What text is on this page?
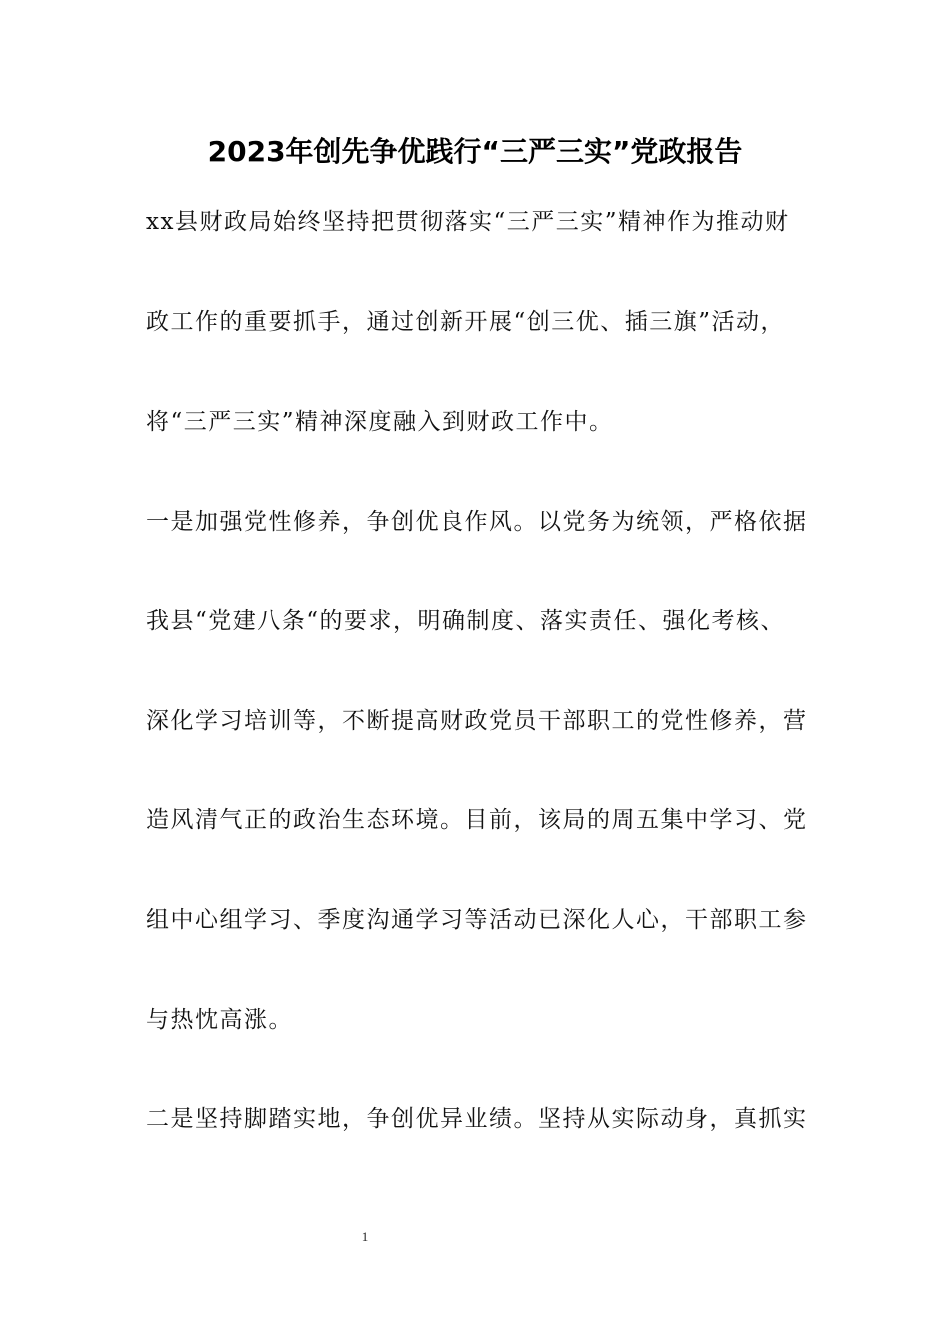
2023年创先争优践行“三严三实”党政报告
xx县财政局始终坚持把贯彻落实“三严三实”精神作为推动财
政工作的重要抓手，通过创新开展“创三优、插三旗”活动，
将“三严三实”精神深度融入到财政工作中。
一是加强党性修养，争创优良作风。以党务为统领，严格依据
我县“党建八条“的要求，明确制度、落实责任、强化考核、
深化学习培训等，不断提高财政党员干部职工的党性修养，营
造风清气正的政治生态环境。目前，该局的周五集中学习、党
组中心组学习、季度沟通学习等活动已深化人心，干部职工参
与热忱高涨。
二是坚持脚踏实地，争创优异业绩。坚持从实际动身，真抓实
1
